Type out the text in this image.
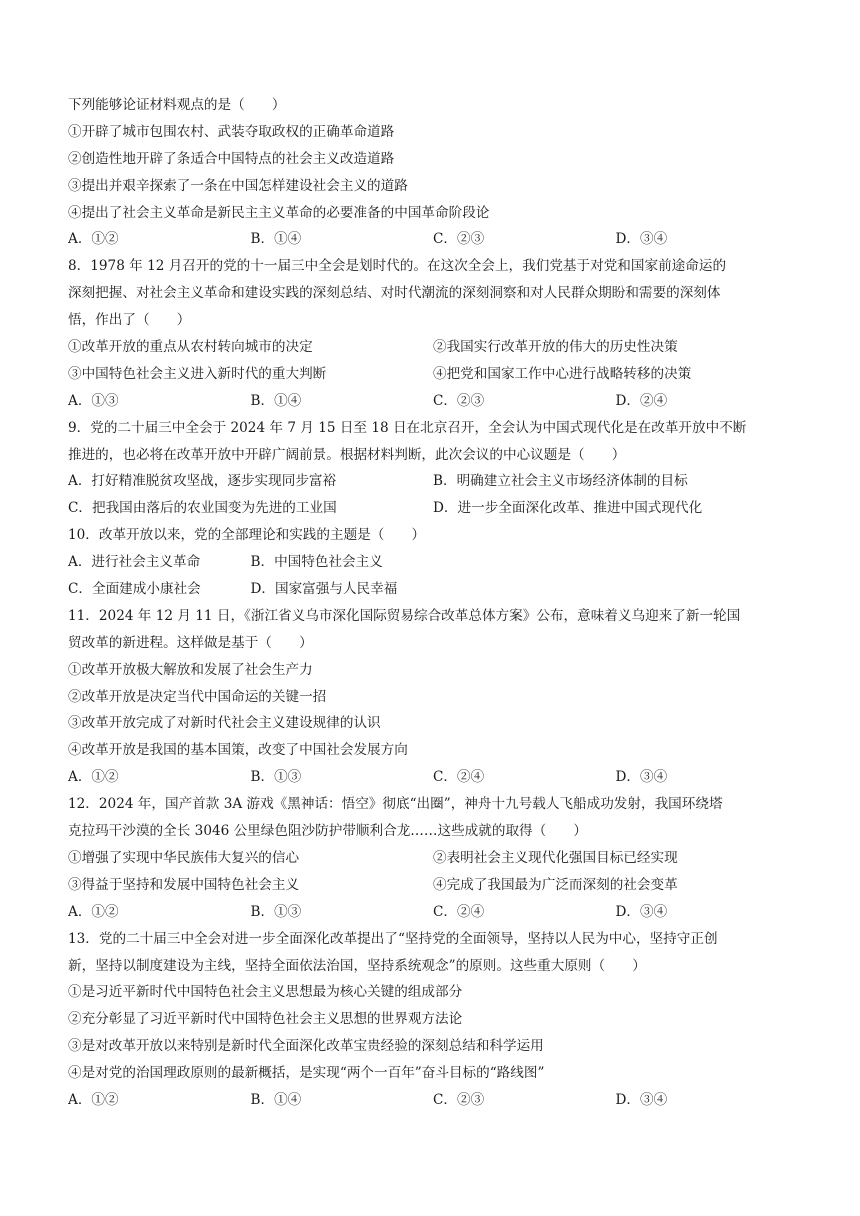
下列能够论证材料观点的是（　　）
①开辟了城市包围农村、武装夺取政权的正确革命道路
②创造性地开辟了条适合中国特点的社会主义改造道路
③提出并艰辛探索了一条在中国怎样建设社会主义的道路
④提出了社会主义革命是新民主主义革命的必要准备的中国革命阶段论
A．①②	B．①④	C．②③	D．③④
8．1978 年 12 月召开的党的十一届三中全会是划时代的。在这次全会上，我们党基于对党和国家前途命运的
深刻把握、对社会主义革命和建设实践的深刻总结、对时代潮流的深刻洞察和对人民群众期盼和需要的深刻体
悟，作出了（　　）
①改革开放的重点从农村转向城市的决定	②我国实行改革开放的伟大的历史性决策
③中国特色社会主义进入新时代的重大判断	④把党和国家工作中心进行战略转移的决策
A．①③	B．①④	C．②③	D．②④
9．党的二十届三中全会于 2024 年 7 月 15 日至 18 日在北京召开，全会认为中国式现代化是在改革开放中不断
推进的，也必将在改革开放中开辟广阔前景。根据材料判断，此次会议的中心议题是（　　）
A．打好精准脱贫攻坚战，逐步实现同步富裕	B．明确建立社会主义市场经济体制的目标
C．把我国由落后的农业国变为先进的工业国	D．进一步全面深化改革、推进中国式现代化
10．改革开放以来，党的全部理论和实践的主题是（　　）
A．进行社会主义革命	B．中国特色社会主义
C．全面建成小康社会	D．国家富强与人民幸福
11．2024 年 12 月 11 日，《浙江省义乌市深化国际贸易综合改革总体方案》公布，意味着义乌迎来了新一轮国
贸改革的新进程。这样做是基于（　　）
①改革开放极大解放和发展了社会生产力
②改革开放是决定当代中国命运的关键一招
③改革开放完成了对新时代社会主义建设规律的认识
④改革开放是我国的基本国策，改变了中国社会发展方向
A．①②	B．①③	C．②④	D．③④
12．2024 年，国产首款 3A 游戏《黑神话：悟空》彻底“出圈”，神舟十九号载人飞船成功发射，我国环绕塔
克拉玛干沙漠的全长 3046 公里绿色阻沙防护带顺利合龙……这些成就的取得（　　）
①增强了实现中华民族伟大复兴的信心	②表明社会主义现代化强国目标已经实现
③得益于坚持和发展中国特色社会主义	④完成了我国最为广泛而深刻的社会变革
A．①②	B．①③	C．②④	D．③④
13．党的二十届三中全会对进一步全面深化改革提出了“坚持党的全面领导，坚持以人民为中心，坚持守正创
新，坚持以制度建设为主线，坚持全面依法治国，坚持系统观念”的原则。这些重大原则（　　）
①是习近平新时代中国特色社会主义思想最为核心关键的组成部分
②充分彰显了习近平新时代中国特色社会主义思想的世界观方法论
③是对改革开放以来特别是新时代全面深化改革宝贵经验的深刻总结和科学运用
④是对党的治国理政原则的最新概括，是实现“两个一百年”奋斗目标的“路线图”
A．①②	B．①④	C．②③	D．③④
